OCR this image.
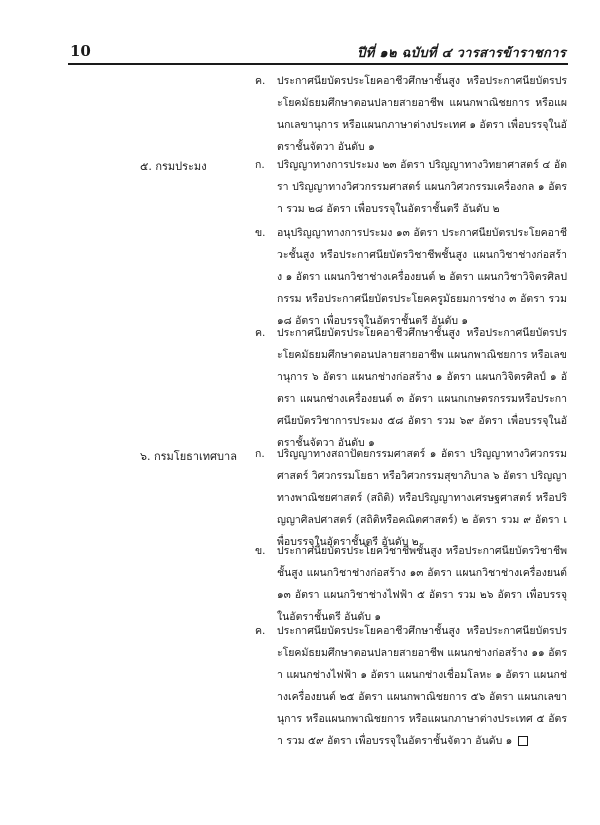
10	ปีที่ ๑๒ ฉบับที่ ๔ วารสารข้าราชการ
ค.	ประกาศนียบัตรประโยคอาชีวศึกษาชั้นสูง หรือประกาศนียบัตรประโยคมัธยมศึกษาตอนปลายสายอาชีพ แผนกพาณิชยการ หรือแผนกเลขานุการ หรือแผนกภาษาต่างประเทศ ๑ อัตรา เพื่อบรรจุในอัตราชั้นจัตวา อันดับ ๑
๕. กรมประมง	ก.	ปริญญาทางการประมง ๒๓ อัตรา ปริญญาทางวิทยาศาสตร์ ๔ อัตรา ปริญญาทางวิศวกรรมศาสตร์ แผนกวิศวกรรมเครื่องกล ๑ อัตรา รวม ๒๘ อัตรา เพื่อบรรจุในอัตราชั้นตรี อันดับ ๒
ข.	อนุปริญญาทางการประมง ๑๓ อัตรา ประกาศนียบัตรประโยคอาชีวะชั้นสูง หรือประกาศนียบัตรวิชาชีพชั้นสูง แผนกวิชาช่างก่อสร้าง ๑ อัตรา แผนกวิชาช่างเครื่องยนต์ ๒ อัตรา แผนกวิชาวิจิตรศิลปกรรม หรือประกาศนียบัตรประโยคครูมัธยมการช่าง ๓ อัตรา รวม ๑๘ อัตรา เพื่อบรรจุในอัตราชั้นตรี อันดับ ๑
ค.	ประกาศนียบัตรประโยคอาชีวศึกษาชั้นสูง หรือประกาศนียบัตรประโยคมัธยมศึกษาตอนปลายสายอาชีพ แผนกพาณิชยการ หรือเลขานุการ ๖ อัตรา แผนกช่างก่อสร้าง ๑ อัตรา แผนกวิจิตรศิลป์ ๑ อัตรา แผนกช่างเครื่องยนต์ ๓ อัตรา แผนกเกษตรกรรมหรือประกาศนียบัตรวิชาการประมง ๕๘ อัตรา รวม ๖๙ อัตรา เพื่อบรรจุในอัตราชั้นจัตวา อันดับ ๑
๖. กรมโยธาเทศบาล ก.	ปริญญาทางสถาปัตยกรรมศาสตร์ ๑ อัตรา ปริญญาทางวิศวกรรมศาสตร์ วิศวกรรมโยธา หรือวิศวกรรมสุขาภิบาล ๖ อัตรา ปริญญาทางพาณิชยศาสตร์ (สถิติ) หรือปริญญาทางเศรษฐศาสตร์ หรือปริญญาศิลปศาสตร์ (สถิติหรือคณิตศาสตร์) ๒ อัตรา รวม ๙ อัตรา เพื่อบรรจุในอัตราชั้นตรี อันดับ ๒
ข.	ประกาศนียบัตรประโยควิชาชีพชั้นสูง หรือประกาศนียบัตรวิชาชีพชั้นสูง แผนกวิชาช่างก่อสร้าง ๑๓ อัตรา แผนกวิชาช่างเครื่องยนต์ ๑๓ อัตรา แผนกวิชาช่างไฟฟ้า ๕ อัตรา รวม ๒๖ อัตรา เพื่อบรรจุในอัตราชั้นตรี อันดับ ๑
ค.	ประกาศนียบัตรประโยคอาชีวศึกษาชั้นสูง หรือประกาศนียบัตรประโยคมัธยมศึกษาตอนปลายสายอาชีพ แผนกช่างก่อสร้าง ๑๑ อัตรา แผนกช่างไฟฟ้า ๑ อัตรา แผนกช่างเชื่อมโลหะ ๑ อัตรา แผนกช่างเครื่องยนต์ ๒๕ อัตรา แผนกพาณิชยการ ๕๖ อัตรา แผนกเลขานุการ หรือแผนกพาณิชยการ หรือแผนกภาษาต่างประเทศ ๕ อัตรา รวม ๕๙ อัตรา เพื่อบรรจุในอัตราชั้นจัตวา อันดับ ๑
